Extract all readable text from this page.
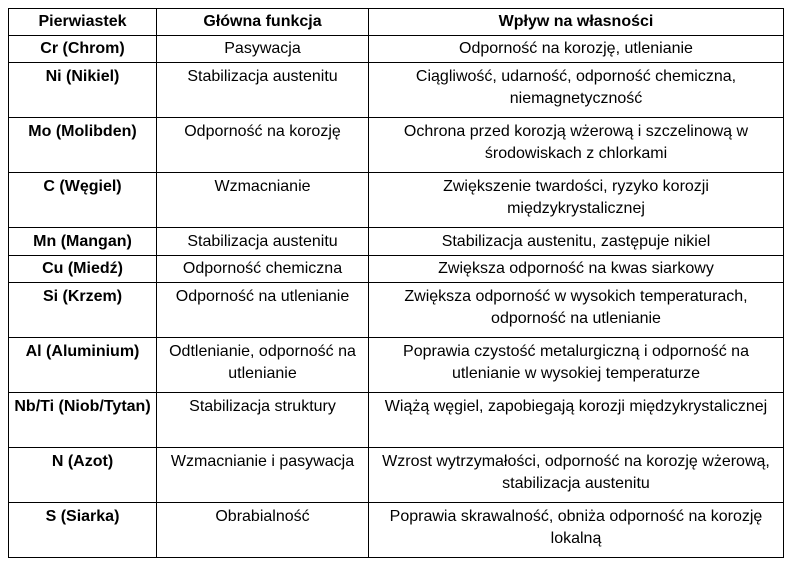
Pierwiastek	Główna funkcja	Wpływ na własności
Cr (Chrom)	Pasywacja	Odporność na korozję, utlenianie
Ni (Nikiel)	Stabilizacja austenitu	Ciągliwość, udarność, odporność chemiczna, niemagnetyczność
Mo (Molibden)	Odporność na korozję	Ochrona przed korozją wżerową i szczelinową w środowiskach z chlorkami
C (Węgiel)	Wzmacnianie	Zwiększenie twardości, ryzyko korozji międzykrystalicznej
Mn (Mangan)	Stabilizacja austenitu	Stabilizacja austenitu, zastępuje nikiel
Cu (Miedź)	Odporność chemiczna	Zwiększa odporność na kwas siarkowy
Si (Krzem)	Odporność na utlenianie	Zwiększa odporność w wysokich temperaturach, odporność na utlenianie
Al (Aluminium)	Odtlenianie, odporność na utlenianie	Poprawia czystość metalurgiczną i odporność na utlenianie w wysokiej temperaturze
Nb/Ti (Niob/Tytan)	Stabilizacja struktury	Wiążą węgiel, zapobiegają korozji międzykrystalicznej
N (Azot)	Wzmacnianie i pasywacja	Wzrost wytrzymałości, odporność na korozję wżerową, stabilizacja austenitu
S (Siarka)	Obrabialność	Poprawia skrawalność, obniża odporność na korozję lokalną
